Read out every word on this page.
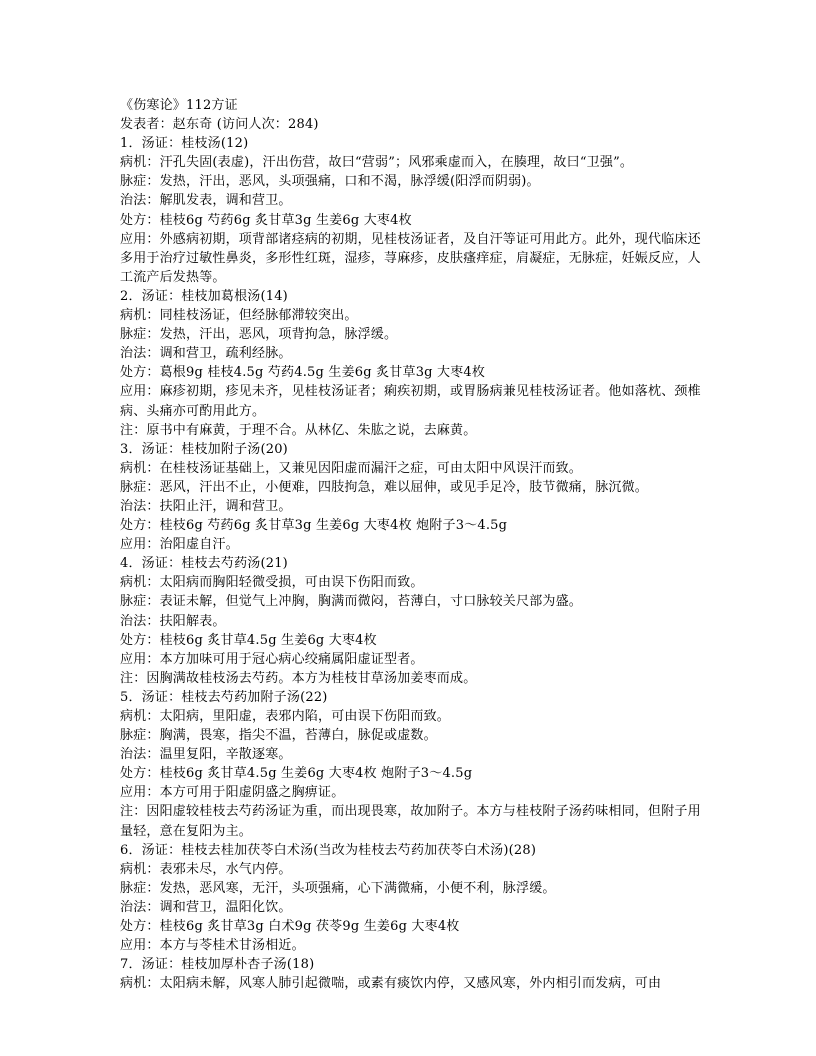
《伤寒论》112方证

发表者：赵东奇 (访问人次：284)

1．汤证：桂枝汤(12)

病机：汗孔失固(表虚)，汗出伤营，故曰“营弱”；风邪乘虚而入，在腠理，故曰“卫强”。

脉症：发热，汗出，恶风，头项强痛，口和不渴，脉浮缓(阳浮而阴弱)。

治法：解肌发表，调和营卫。

处方：桂枝6g 芍药6g 炙甘草3g 生姜6g 大枣4枚

应用：外感病初期，项背部诸痉病的初期，见桂枝汤证者，及自汗等证可用此方。此外，现代临床还多用于治疗过敏性鼻炎，多形性红斑，湿疹，荨麻疹，皮肤瘙痒症，肩凝症，无脉症，妊娠反应，人工流产后发热等。

2．汤证：桂枝加葛根汤(14)

病机：同桂枝汤证，但经脉郁滞较突出。

脉症：发热，汗出，恶风，项背拘急，脉浮缓。

治法：调和营卫，疏利经脉。

处方：葛根9g 桂枝4.5g 芍药4.5g 生姜6g 炙甘草3g 大枣4枚

应用：麻疹初期，疹见未齐，见桂枝汤证者；痢疾初期，或胃肠病兼见桂枝汤证者。他如落枕、颈椎病、头痛亦可酌用此方。

注：原书中有麻黄，于理不合。从林亿、朱肱之说，去麻黄。

3．汤证：桂枝加附子汤(20)

病机：在桂枝汤证基础上，又兼见因阳虚而漏汗之症，可由太阳中风误汗而致。

脉症：恶风，汗出不止，小便难，四肢拘急，难以屈伸，或见手足冷，肢节微痛，脉沉微。

治法：扶阳止汗，调和营卫。

处方：桂枝6g 芍药6g 炙甘草3g 生姜6g 大枣4枚 炮附子3～4.5g

应用：治阳虚自汗。

4．汤证：桂枝去芍药汤(21)

病机：太阳病而胸阳轻微受损，可由误下伤阳而致。

脉症：表证未解，但觉气上冲胸，胸满而微闷，苔薄白，寸口脉较关尺部为盛。

治法：扶阳解表。

处方：桂枝6g 炙甘草4.5g 生姜6g 大枣4枚

应用：本方加味可用于冠心病心绞痛属阳虚证型者。

注：因胸满故桂枝汤去芍药。本方为桂枝甘草汤加姜枣而成。

5．汤证：桂枝去芍药加附子汤(22)

病机：太阳病，里阳虚，表邪内陷，可由误下伤阳而致。

脉症：胸满，畏寒，指尖不温，苔薄白，脉促或虚数。

治法：温里复阳，辛散逐寒。

处方：桂枝6g 炙甘草4.5g 生姜6g 大枣4枚 炮附子3～4.5g

应用：本方可用于阳虚阴盛之胸痹证。

注：因阳虚较桂枝去芍药汤证为重，而出现畏寒，故加附子。本方与桂枝附子汤药味相同，但附子用量轻，意在复阳为主。

6．汤证：桂枝去桂加茯苓白术汤(当改为桂枝去芍药加茯苓白术汤)(28)

病机：表邪未尽，水气内停。

脉症：发热，恶风寒，无汗，头项强痛，心下满微痛，小便不利，脉浮缓。

治法：调和营卫，温阳化饮。

处方：桂枝6g 炙甘草3g 白术9g 茯苓9g 生姜6g 大枣4枚

应用：本方与苓桂术甘汤相近。

7．汤证：桂枝加厚朴杏子汤(18)

病机：太阳病未解，风寒人肺引起微喘，或素有痰饮内停，又感风寒，外内相引而发病，可由
